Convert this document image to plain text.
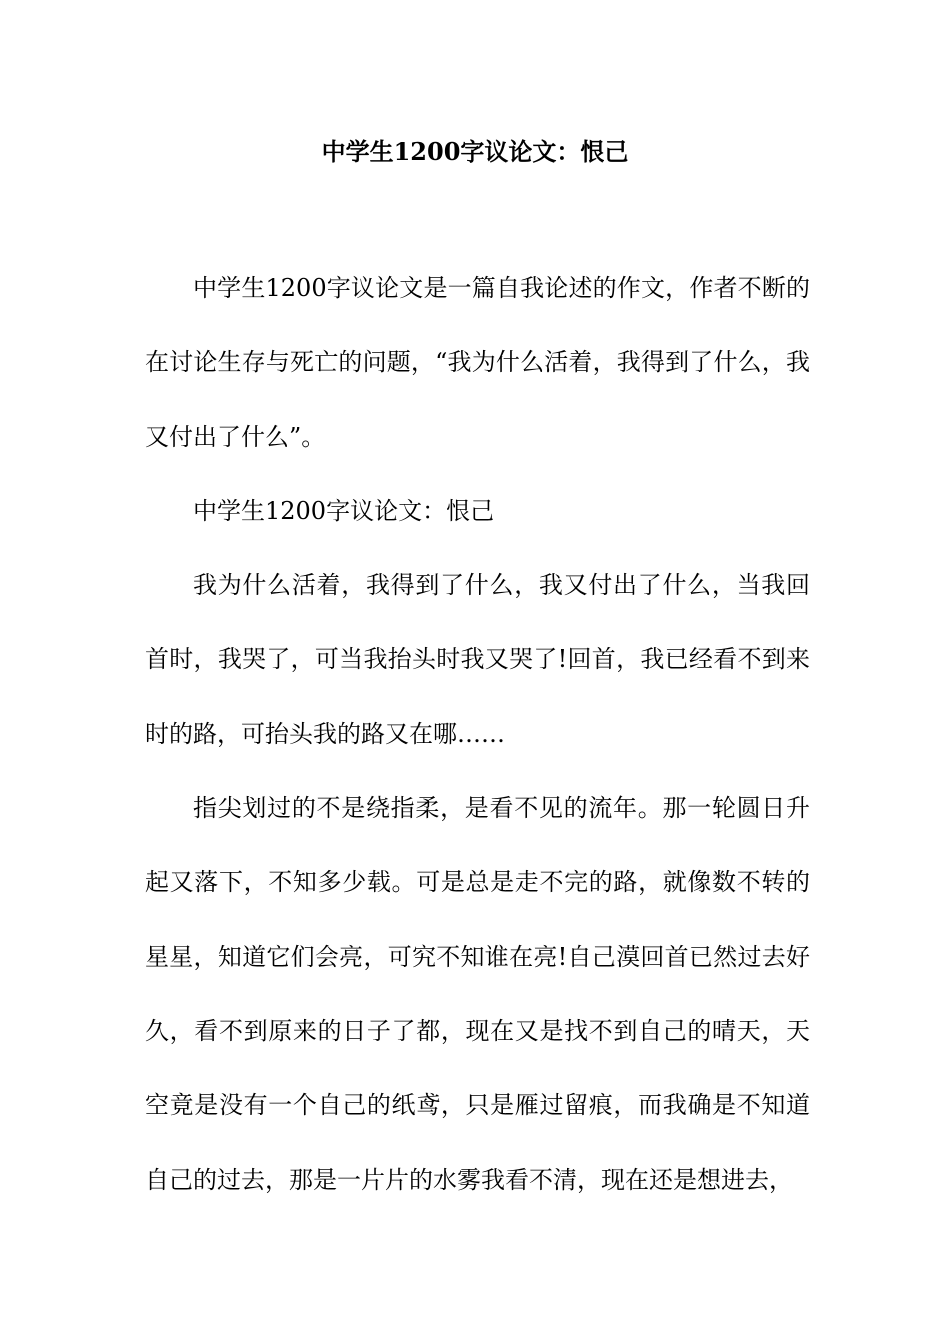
中学生1200字议论文：恨己

中学生1200字议论文是一篇自我论述的作文，作者不断的在讨论生存与死亡的问题，“我为什么活着，我得到了什么，我又付出了什么”。

中学生1200字议论文：恨己

我为什么活着，我得到了什么，我又付出了什么，当我回首时，我哭了，可当我抬头时我又哭了!回首，我已经看不到来时的路，可抬头我的路又在哪……

指尖划过的不是绕指柔，是看不见的流年。那一轮圆日升起又落下，不知多少载。可是总是走不完的路，就像数不转的星星，知道它们会亮，可究不知谁在亮!自己漠回首已然过去好久，看不到原来的日子了都，现在又是找不到自己的晴天，天空竟是没有一个自己的纸鸢，只是雁过留痕，而我确是不知道自己的过去，那是一片片的水雾我看不清，现在还是想进去，
